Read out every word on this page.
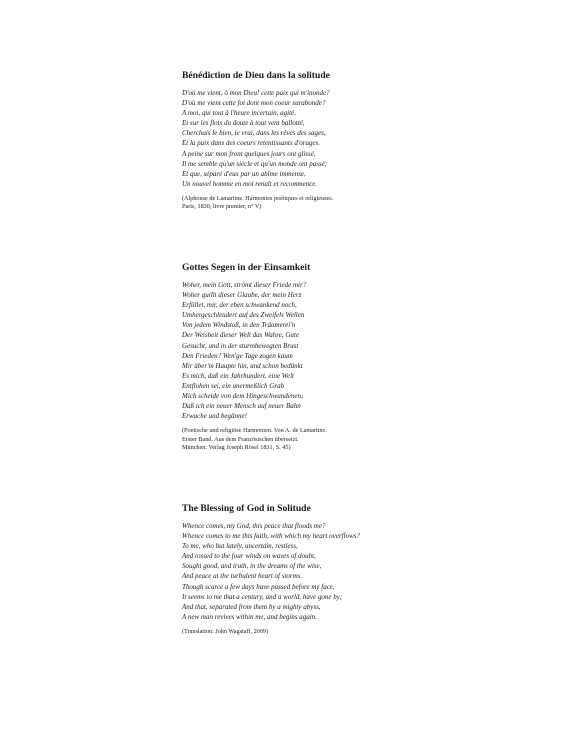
Bénédiction de Dieu dans la solitude
D'où me vient, ô mon Dieu! cette paix qui m'inonde?
D'où me vient cette foi dont mon coeur surabonde?
A moi, qui tout à l'heure incertain, agité,
Et sur les flots du doute à tout vent ballotté,
Cherchais le bien, le vrai, dans les rêves des sages,
Et la paix dans des coeurs retentissants d'orages.
A peine sur mon front quelques jours ont glissé,
Il me semble qu'un siècle et qu'un monde ont passé;
Et que, séparé d'eux par un abîme immense,
Un nouvel homme en moi renaît et recommence.
(Alphonse de Lamartine. Harmonies poétiques et religieuses.
Paris, 1830, livre premier, n° V)
Gottes Segen in der Einsamkeit
Woher, mein Gott, strömt dieser Friede mir?
Woher quillt dieser Glaube, der mein Herz
Erfüllet, mir, der eben schwankend noch,
Umhergeschleudert auf des Zweifels Wellen
Von jedem Windstoß, in den Träumerei'n
Der Weisheit dieser Welt das Wahre, Gute
Gesucht, und in der sturmbewegten Brust
Den Frieden? Wen'ge Tage zogen kaum
Mir über'm Haupte hin, und schon bedünkt
Es mich, daß ein Jahrhundert, eine Welt
Entflohen sei, ein unermeßlich Grab
Mich scheide von dem Hingeschwundenen;
Daß ich ein neuer Mensch auf neuer Bahn
Erwache und begänne!
(Poetische und religiöse Harmonien. Von A. de Lamartine.
Erster Band. Aus dem Französischen übersetzt.
München: Verlag Joseph Rösel 1831, S. 45)
The Blessing of God in Solitude
Whence comes, my God, this peace that floods me?
Whence comes to me this faith, with which my heart overflows?
To me, who but lately, uncertain, restless,
And tossed to the four winds on waves of doubt,
Sought good, and truth, in the dreams of the wise,
And peace at the turbulent heart of storms.
Though scarce a few days have passed before my face,
It seems to me that a century, and a world, have gone by;
And that, separated from them by a mighty abyss,
A new man revives within me, and begins again.
(Translation: John Wagstaff, 2009)
